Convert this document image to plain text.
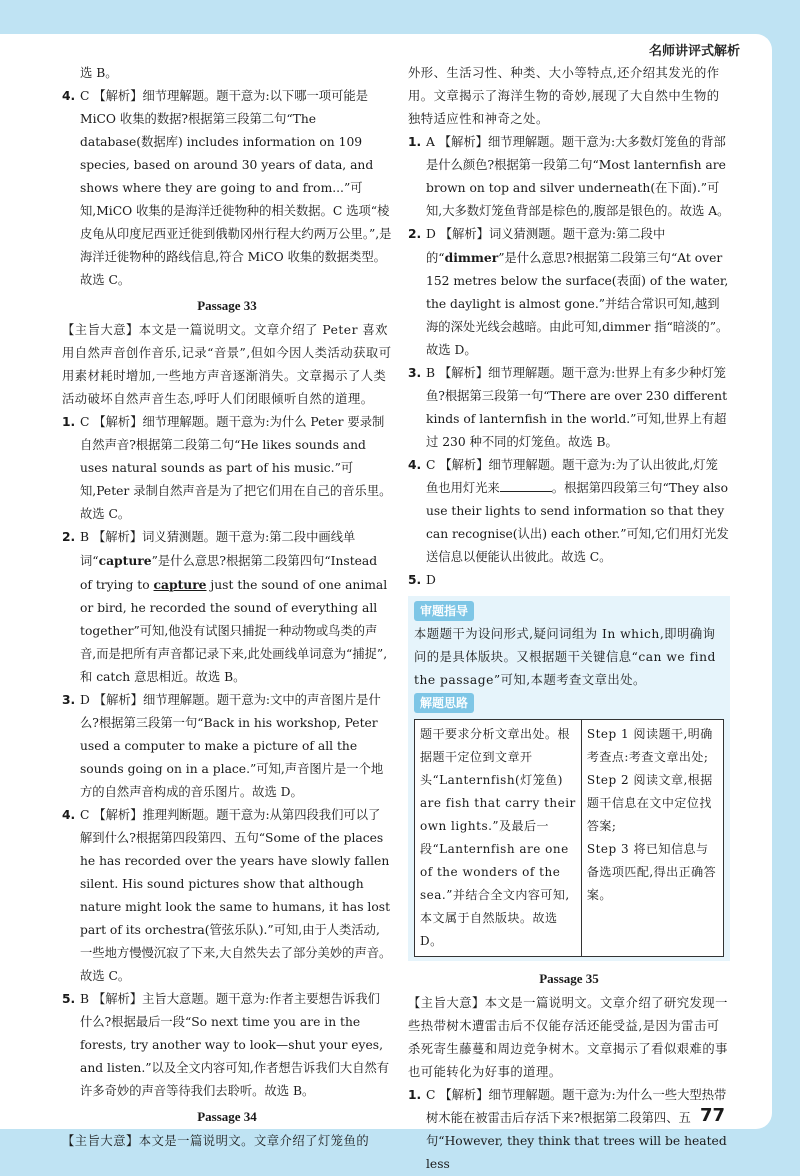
名师讲评式解析

选 B。

4. C 【解析】细节理解题。题干意为:以下哪一项可能是 MiCO 收集的数据?根据第三段第二句“The database(数据库) includes information on 109 species, based on around 30 years of data, and shows where they are going to and from...”可知,MiCO 收集的是海洋迁徙物种的相关数据。C 选项“棱皮龟从印度尼西亚迁徙到俄勒冈州行程大约两万公里。”,是海洋迁徙物种的路线信息,符合 MiCO 收集的数据类型。故选 C。

Passage 33

【主旨大意】本文是一篇说明文。文章介绍了 Peter 喜欢用自然声音创作音乐,记录“音景”,但如今因人类活动获取可用素材耗时增加,一些地方声音逐渐消失。文章揭示了人类活动破坏自然声音生态,呼吁人们闭眼倾听自然的道理。

1. C 【解析】细节理解题。题干意为:为什么 Peter 要录制自然声音?根据第二段第二句“He likes sounds and uses natural sounds as part of his music.”可知,Peter 录制自然声音是为了把它们用在自己的音乐里。故选 C。

2. B 【解析】词义猜测题。题干意为:第二段中画线单词“capture”是什么意思?根据第二段第四句“Instead of trying to capture just the sound of one animal or bird, he recorded the sound of everything all together”可知,他没有试图只捕捉一种动物或鸟类的声音,而是把所有声音都记录下来,此处画线单词意为“捕捉”,和 catch 意思相近。故选 B。

3. D 【解析】细节理解题。题干意为:文中的声音图片是什么?根据第三段第一句“Back in his workshop, Peter used a computer to make a picture of all the sounds going on in a place.”可知,声音图片是一个地方的自然声音构成的音乐图片。故选 D。

4. C 【解析】推理判断题。题干意为:从第四段我们可以了解到什么?根据第四段第四、五句“Some of the places he has recorded over the years have slowly fallen silent. His sound pictures show that although nature might look the same to humans, it has lost part of its orchestra(管弦乐队).”可知,由于人类活动,一些地方慢慢沉寂了下来,大自然失去了部分美妙的声音。故选 C。

5. B 【解析】主旨大意题。题干意为:作者主要想告诉我们什么?根据最后一段“So next time you are in the forests, try another way to look—shut your eyes, and listen.”以及全文内容可知,作者想告诉我们大自然有许多奇妙的声音等待我们去聆听。故选 B。

Passage 34

【主旨大意】本文是一篇说明文。文章介绍了灯笼鱼的

外形、生活习性、种类、大小等特点,还介绍其发光的作用。文章揭示了海洋生物的奇妙,展现了大自然中生物的独特适应性和神奇之处。

1. A 【解析】细节理解题。题干意为:大多数灯笼鱼的背部是什么颜色?根据第一段第二句“Most lanternfish are brown on top and silver underneath(在下面).”可知,大多数灯笼鱼背部是棕色的,腹部是银色的。故选 A。

2. D 【解析】词义猜测题。题干意为:第二段中的“dimmer”是什么意思?根据第二段第三句“At over 152 metres below the surface(表面) of the water, the daylight is almost gone.”并结合常识可知,越到海的深处光线会越暗。由此可知,dimmer 指“暗淡的”。故选 D。

3. B 【解析】细节理解题。题干意为:世界上有多少种灯笼鱼?根据第三段第一句“There are over 230 different kinds of lanternfish in the world.”可知,世界上有超过 230 种不同的灯笼鱼。故选 B。

4. C 【解析】细节理解题。题干意为:为了认出彼此,灯笼鱼也用灯光来	。根据第四段第三句“They also use their lights to send information so that they can recognise(认出) each other.”可知,它们用灯光发送信息以便能认出彼此。故选 C。

5. D

审题指导
本题题干为设问形式,疑问词组为 In which,即明确询问的是具体版块。又根据题干关键信息“can we find the passage”可知,本题考查文章出处。
解题思路
题干要求分析文章出处。根据题干定位到文章开头“Lanternfish(灯笼鱼) are fish that carry their own lights.”及最后一段“Lanternfish are one of the wonders of the sea.”并结合全文内容可知,本文属于自然版块。故选 D。	
Step 1 阅读题干,明确考查点:考查文章出处;
Step 2 阅读文章,根据题干信息在文中定位找答案;
Step 3 将已知信息与备选项匹配,得出正确答案。
Passage 35

【主旨大意】本文是一篇说明文。文章介绍了研究发现一些热带树木遭雷击后不仅能存活还能受益,是因为雷击可杀死寄生藤蔓和周边竞争树木。文章揭示了看似艰难的事也可能转化为好事的道理。

1. C 【解析】细节理解题。题干意为:为什么一些大型热带树木能在被雷击后存活下来?根据第二段第四、五句“However, they think that trees will be heated less

77
